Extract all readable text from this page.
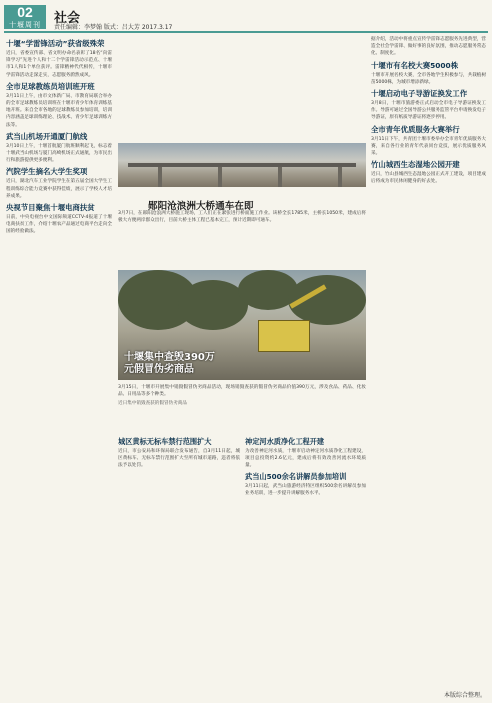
02
十堰周刊	社会
责任编辑：李梦翰 版式：吕大芳 2017.3.17
十堰“学雷锋活动”获省级殊荣
近日，省委宣传部、省文明办命名表彰了18名“向雷锋学习”先进个人和十二个学雷锋活动示范点、十堰市1人和1个单位获评。雷锋精神代代相传，十堰市学雷锋活动走深走实，志愿服务蔚然成风。
全市足球教练员培训班开班
3月11日上午，由市文体新广局、市教育局联合举办的全市足球教练员培训班在十堰市青少年体育训练基地开班。来自全市各地的足球教练员参加培训，培训内容涵盖足球训练理论、技战术、青少年足球训练方法等。
武当山机场开通厦门航线
3月10日上午，十堰首航厦门航班顺利起飞，标志着十堰武当山机场与厦门高崎机场正式通航，为市民出行和旅游提供更多便利。
汽院学生摘名大学生奖项
近日，湖北汽车工业学院学生在第五届全国大学生工程训练综合能力竞赛中获得佳绩，展示了学校人才培养成果。
央视节目聚焦十堰电商扶贫
日前，中央电视台中文国际频道CCTV-4报道了十堰电商扶贫工作，介绍十堰农产品通过电商平台走向全国的经验做法。
郧阳沧浪洲大桥通车在即
3月7日，在郧阳沧浪洲大桥施工现场，工人们正在紧张进行桥面施工作业。该桥全长1785米，主桥长1050米，建成后将极大方便两岸群众出行，目前大桥主体工程已基本完工，预计近期即可通车。
十堰集中查毁390万元假冒伪劣商品
3月15日，十堰市开展集中销毁假冒伪劣商品活动，现场销毁查获的假冒伪劣商品价值390万元，涉及食品、药品、化妆品、日用品等多个种类。
近日集中销毁查获的假冒伪劣商品
城区黄标无标车禁行范围扩大
近日，市公安局和环保局联合发布通告，自3月11日起，城区黄标车、无标车禁行范围扩大至所有城市道路，违者将依法予以处罚。
神定河水质净化工程开建
为改善神定河水质，十堰市启动神定河水质净化工程建设，项目总投资约2.6亿元，建成后将有效改善河流水环境质量。
武当山500余名讲解员参加培训
3月11日起，武当山旅游经济特区组织500余名讲解员参加业务培训，进一步提升讲解服务水平。
据介绍，活动中将重点宣传学雷锋志愿服务先进典型，营造全社会学雷锋、做好事的良好氛围，推动志愿服务常态化、制度化。
十堰市有名校大赛5000株
十堰市开展名校大赛，全市各地学生积极参与，共栽植树苗5000株，为城市增添新绿。
十堰启动电子导游证换发工作
3月8日，十堰市旅游委正式启动全市电子导游证换发工作。导游可通过全国导游公共服务监管平台申请换发电子导游证，原有纸质导游证将逐步停用。
全市青年优质服务大赛举行
3月11日下午，共青团十堰市委举办全市青年优质服务大赛，来自各行业的青年代表同台竞技，展示优质服务风采。
竹山城西生态湿地公园开建
近日，竹山县城西生态湿地公园正式开工建设，项目建成后将成为市民休闲健身的好去处。
本版综合整理。
